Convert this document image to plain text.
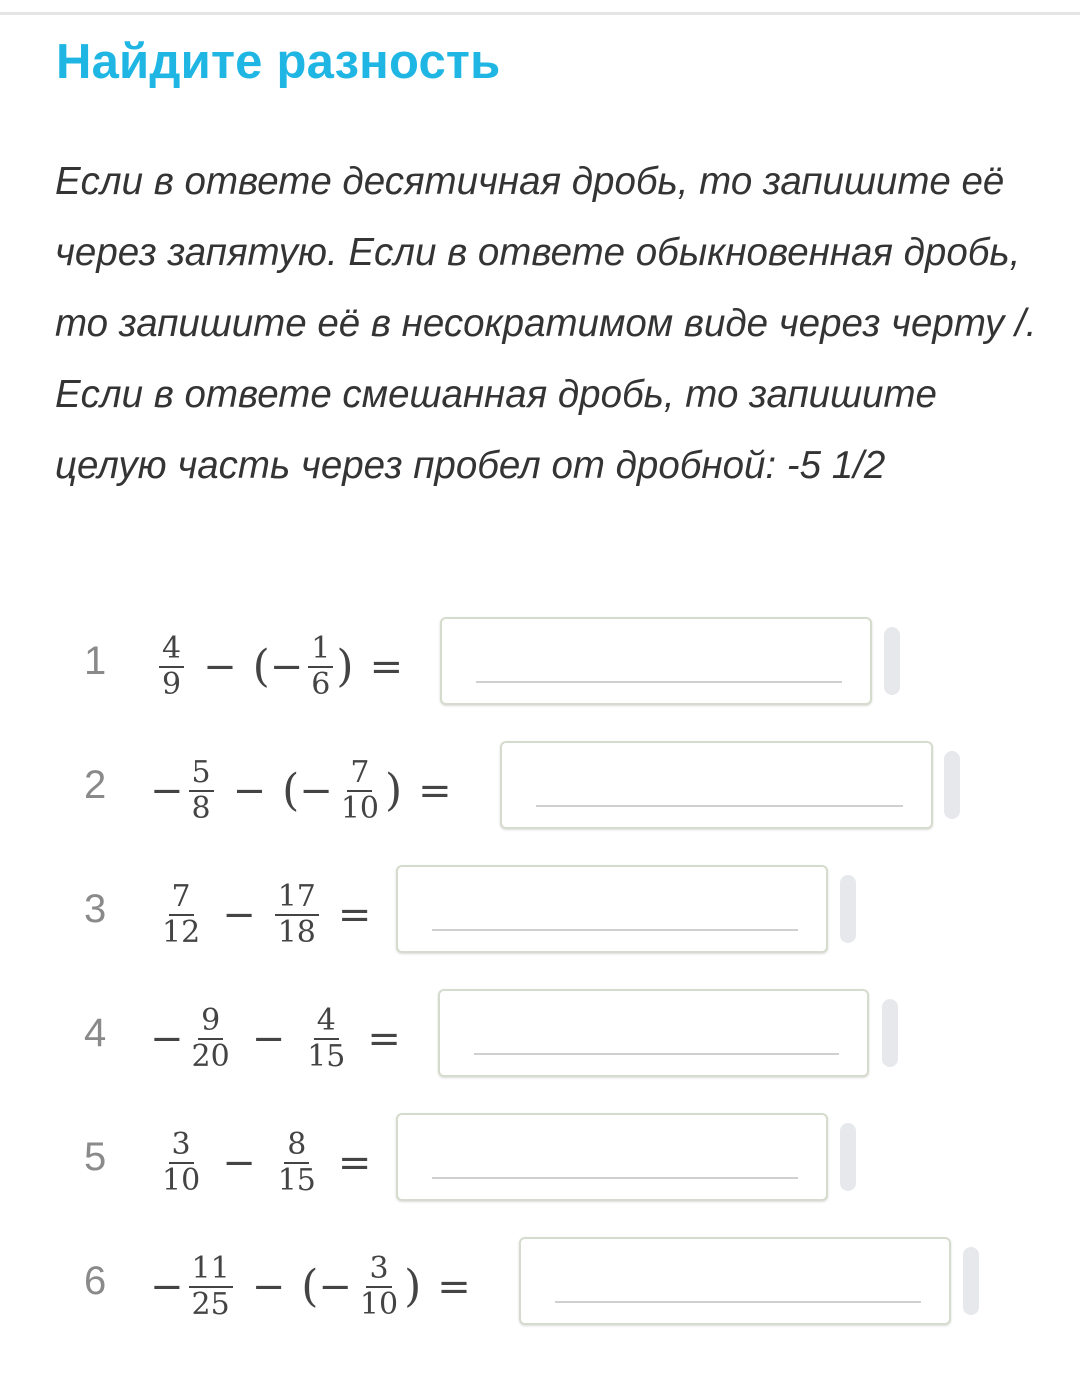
Найдите разность

Если в ответе десятичная дробь, то запишите её через запятую. Если в ответе обыкновенная дробь, то запишите её в несократимом виде через черту /. Если в ответе смешанная дробь, то запишите целую часть через пробел от дробной: -5 1/2

$1 \frac{4}{9}$ − ( − $\frac{1}{6}$ ) =
$2 - \frac{5}{8}$ − ( − $\frac{7}{10}$ ) =
$3 \frac{7}{12} - \frac{17}{18}$ =
$4 - \frac{9}{20} - \frac{4}{15}$ =
$5 \frac{3}{10} - \frac{8}{15}$ =
$6 - \frac{11}{25}$ − ( − $\frac{3}{10}$ ) =
